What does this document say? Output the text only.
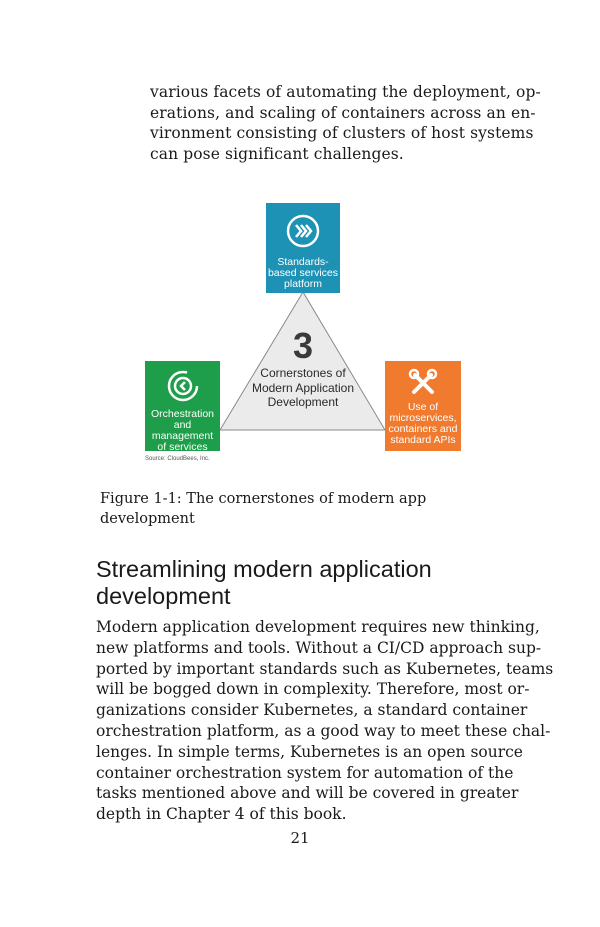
various facets of automating the deployment, op-
erations, and scaling of containers across an en-
vironment consisting of clusters of host systems
can pose significant challenges.
3
Cornerstones of
Modern Application
Development
Standards-
based services
platform
Orchestration
and management
of services
Use of
microservices,
containers and
standard APIs
Source: CloudBees, Inc.
Figure 1-1: The cornerstones of modern app development
Streamlining modern application
development
Modern application development requires new thinking,
new platforms and tools. Without a CI/CD approach sup-
ported by important standards such as Kubernetes, teams
will be bogged down in complexity. Therefore, most or-
ganizations consider Kubernetes, a standard container
orchestration platform, as a good way to meet these chal-
lenges. In simple terms, Kubernetes is an open source
container orchestration system for automation of the
tasks mentioned above and will be covered in greater
depth in Chapter 4 of this book.
21
